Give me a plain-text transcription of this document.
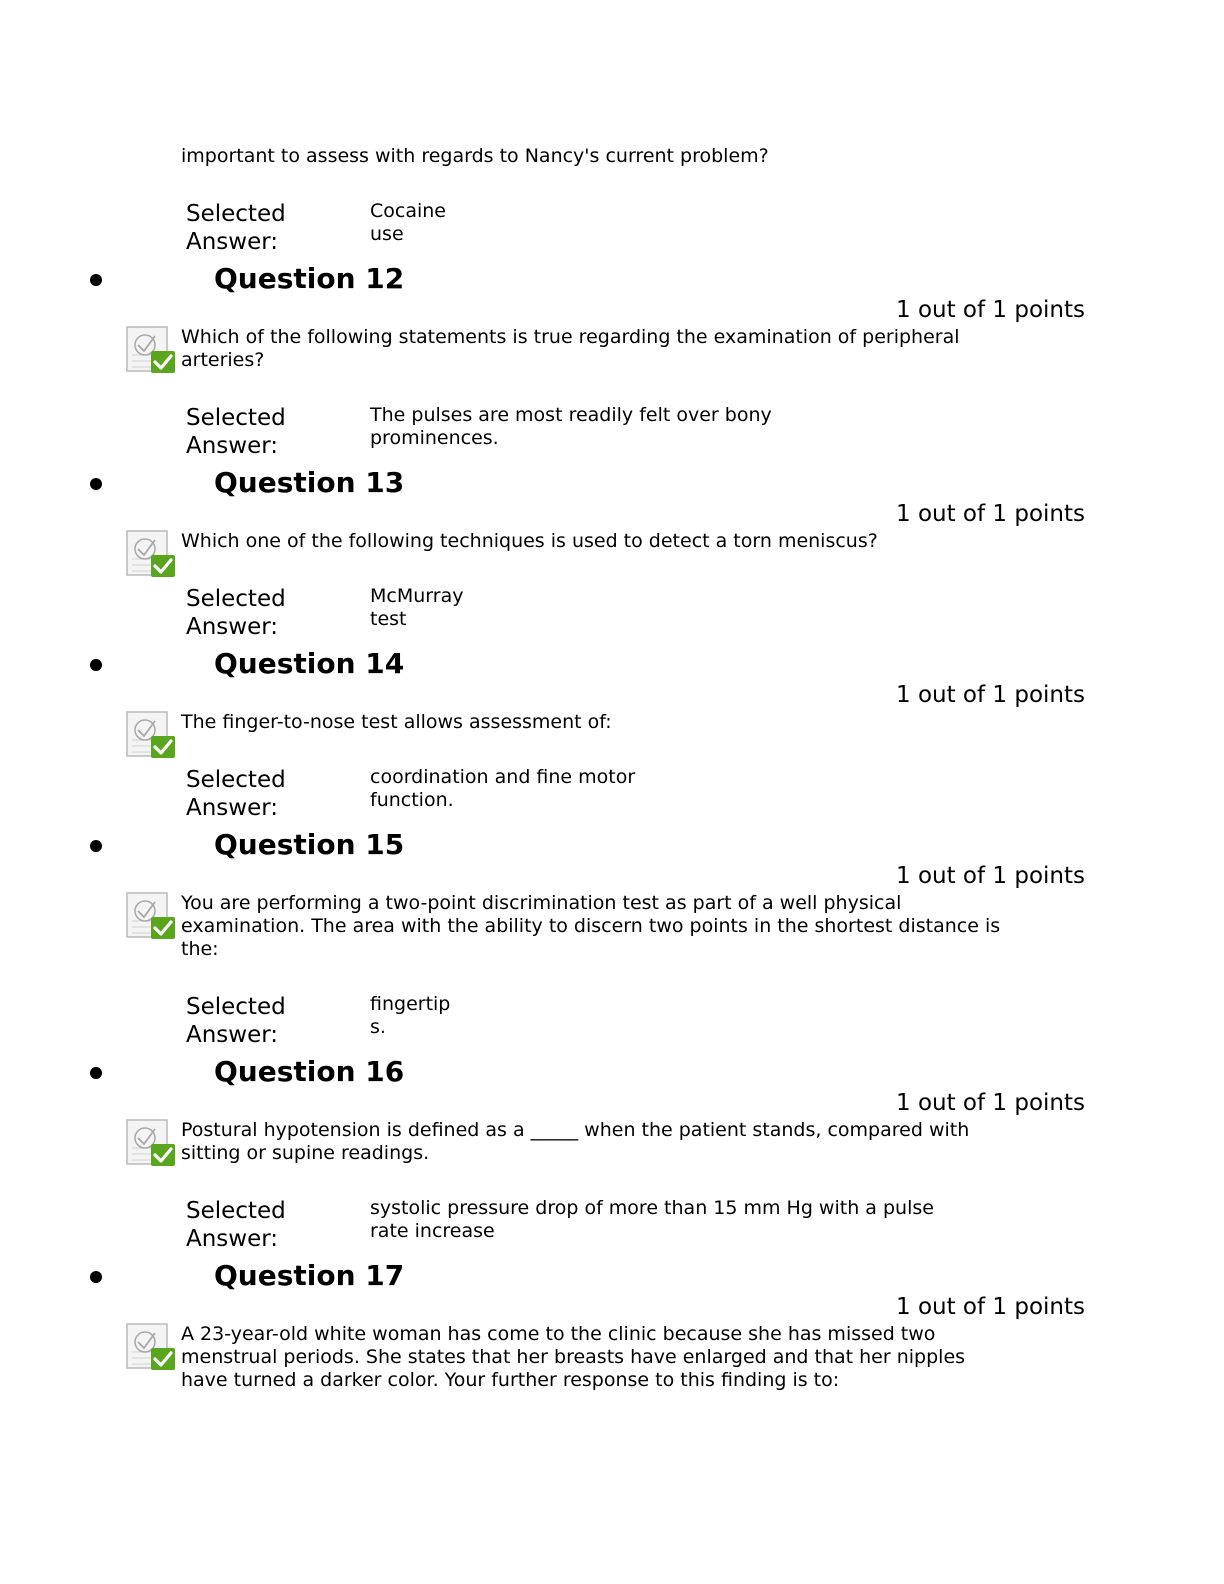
important to assess with regards to Nancy's current problem?
Selected
Answer:
Cocaine
use
Question 12
1 out of 1 points
Which of the following statements is true regarding the examination of peripheral
arteries?
Selected
Answer:
The pulses are most readily felt over bony
prominences.
Question 13
1 out of 1 points
Which one of the following techniques is used to detect a torn meniscus?
Selected
Answer:
McMurray
test
Question 14
1 out of 1 points
The finger-to-nose test allows assessment of:
Selected
Answer:
coordination and fine motor
function.
Question 15
1 out of 1 points
You are performing a two-point discrimination test as part of a well physical
examination. The area with the ability to discern two points in the shortest distance is
the:
Selected
Answer:
fingertip
s.
Question 16
1 out of 1 points
Postural hypotension is defined as a _____ when the patient stands, compared with
sitting or supine readings.
Selected
Answer:
systolic pressure drop of more than 15 mm Hg with a pulse
rate increase
Question 17
1 out of 1 points
A 23-year-old white woman has come to the clinic because she has missed two
menstrual periods. She states that her breasts have enlarged and that her nipples
have turned a darker color. Your further response to this finding is to:
